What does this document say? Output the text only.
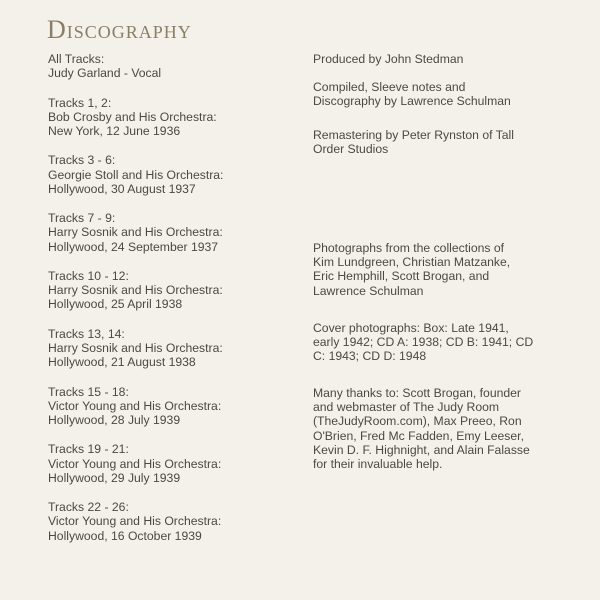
Discography
All Tracks:
Judy Garland - Vocal
Tracks 1, 2:
Bob Crosby and His Orchestra:
New York, 12 June 1936
Tracks 3 - 6:
Georgie Stoll and His Orchestra:
Hollywood, 30 August 1937
Tracks 7 - 9:
Harry Sosnik and His Orchestra:
Hollywood, 24 September 1937
Tracks 10 - 12:
Harry Sosnik and His Orchestra:
Hollywood, 25 April 1938
Tracks 13, 14:
Harry Sosnik and His Orchestra:
Hollywood, 21 August 1938
Tracks 15 - 18:
Victor Young and His Orchestra:
Hollywood, 28 July 1939
Tracks 19 - 21:
Victor Young and His Orchestra:
Hollywood, 29 July 1939
Tracks 22 - 26:
Victor Young and His Orchestra:
Hollywood, 16 October 1939
Produced by John Stedman
Compiled, Sleeve notes and
Discography by Lawrence Schulman
Remastering by Peter Rynston of Tall
Order Studios
Photographs from the collections of
Kim Lundgreen, Christian Matzanke,
Eric Hemphill, Scott Brogan, and
Lawrence Schulman
Cover photographs: Box: Late 1941,
early 1942; CD A: 1938; CD B: 1941; CD
C: 1943; CD D: 1948
Many thanks to: Scott Brogan, founder
and webmaster of The Judy Room
(TheJudyRoom.com), Max Preeo, Ron
O'Brien, Fred Mc Fadden, Emy Leeser,
Kevin D. F. Highnight, and Alain Falasse
for their invaluable help.
